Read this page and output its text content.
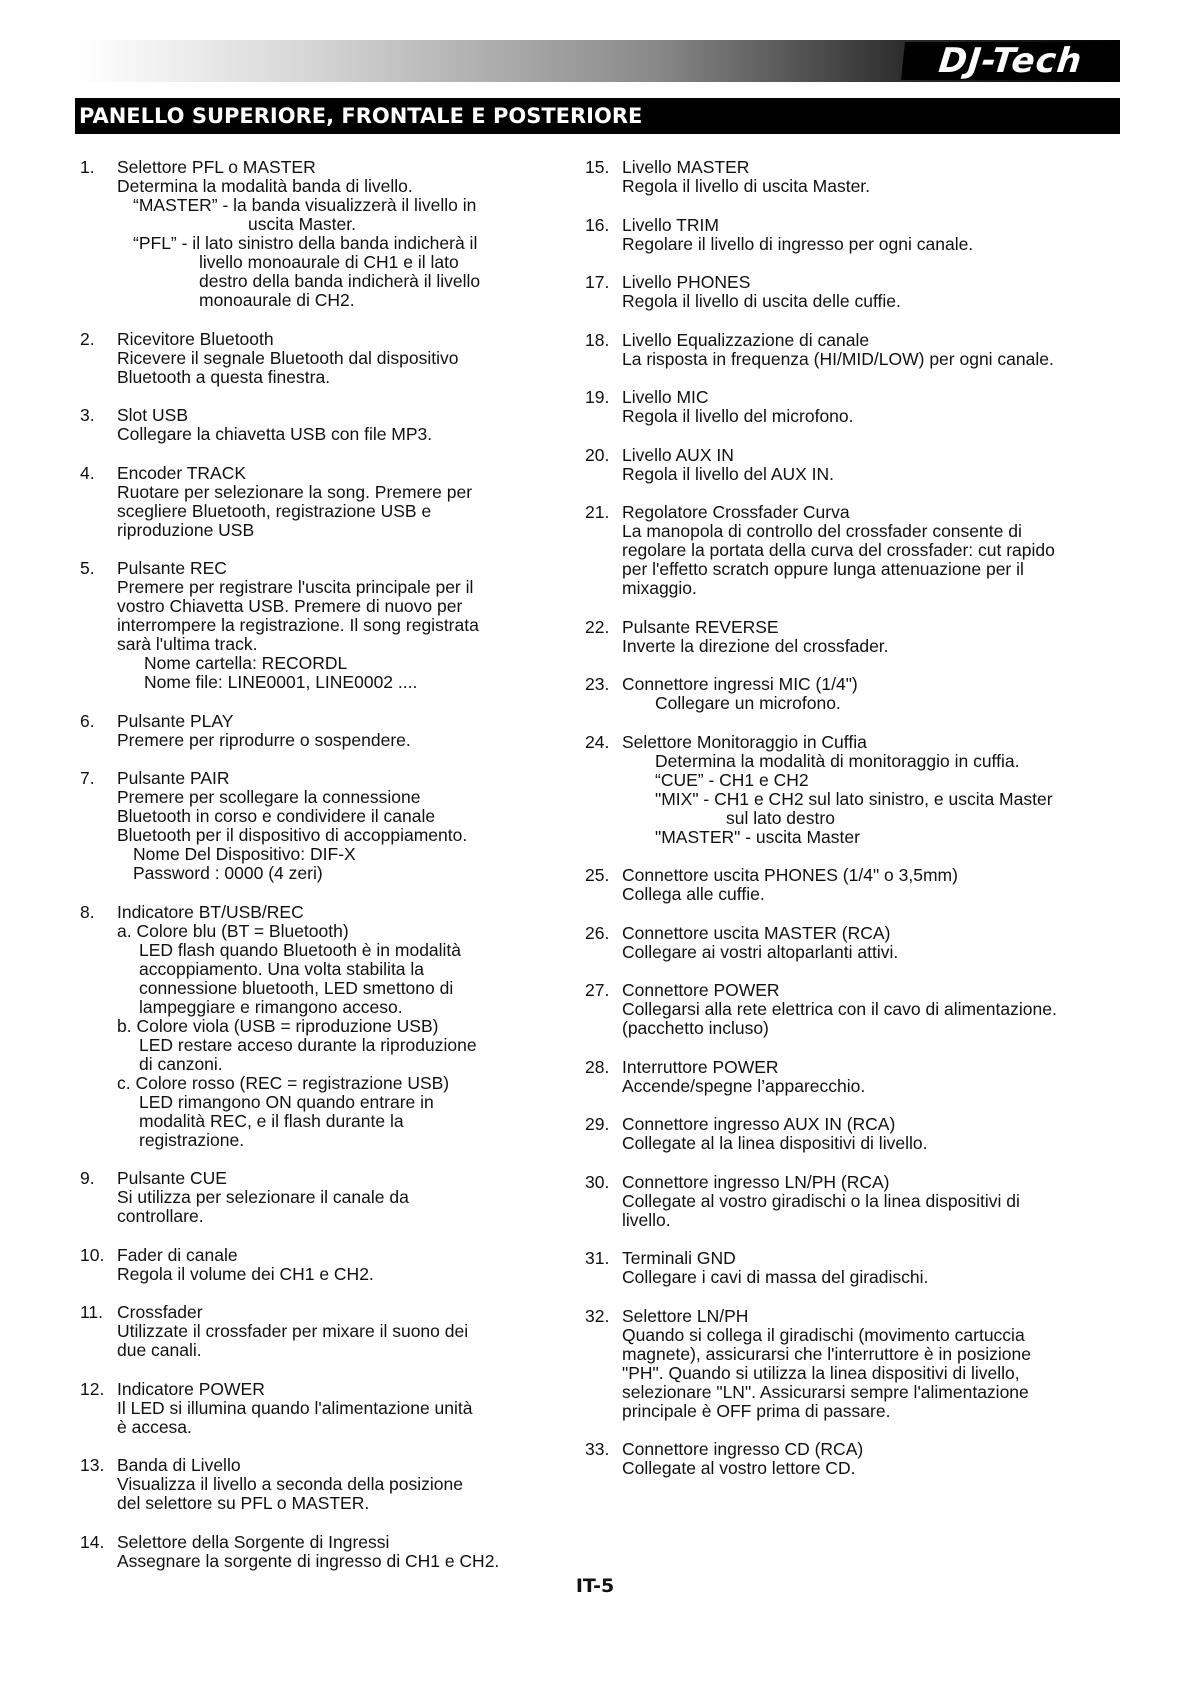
DJ-Tech
PANELLO SUPERIORE, FRONTALE E POSTERIORE
1. Selettore PFL o MASTER
Determina la modalità banda di livello.
“MASTER” - la banda visualizzerà il livello in
uscita Master.
“PFL” - il lato sinistro della banda indicherà il
livello monoaurale di CH1 e il lato
destro della banda indicherà il livello
monoaurale di CH2.
2. Ricevitore Bluetooth
Ricevere il segnale Bluetooth dal dispositivo
Bluetooth a questa finestra.
3. Slot USB
Collegare la chiavetta USB con file MP3.
4. Encoder TRACK
Ruotare per selezionare la song. Premere per
scegliere Bluetooth, registrazione USB e
riproduzione USB
5. Pulsante REC
Premere per registrare l'uscita principale per il
vostro Chiavetta USB. Premere di nuovo per
interrompere la registrazione. Il song registrata
sarà l'ultima track.
Nome cartella: RECORDL
Nome file: LINE0001, LINE0002 ....
6. Pulsante PLAY
Premere per riprodurre o sospendere.
7. Pulsante PAIR
Premere per scollegare la connessione
Bluetooth in corso e condividere il canale
Bluetooth per il dispositivo di accoppiamento.
Nome Del Dispositivo: DIF-X
Password : 0000 (4 zeri)
8. Indicatore BT/USB/REC
a. Colore blu (BT = Bluetooth)
LED flash quando Bluetooth è in modalità
accoppiamento. Una volta stabilita la
connessione bluetooth, LED smettono di
lampeggiare e rimangono acceso.
b. Colore viola (USB = riproduzione USB)
LED restare acceso durante la riproduzione
di canzoni.
c. Colore rosso (REC = registrazione USB)
LED rimangono ON quando entrare in
modalità REC, e il flash durante la
registrazione.
9. Pulsante CUE
Si utilizza per selezionare il canale da
controllare.
10. Fader di canale
Regola il volume dei CH1 e CH2.
11. Crossfader
Utilizzate il crossfader per mixare il suono dei
due canali.
12. Indicatore POWER
Il LED si illumina quando l'alimentazione unità
è accesa.
13. Banda di Livello
Visualizza il livello a seconda della posizione
del selettore su PFL o MASTER.
14. Selettore della Sorgente di Ingressi
Assegnare la sorgente di ingresso di CH1 e CH2.
15. Livello MASTER
Regola il livello di uscita Master.
16. Livello TRIM
Regolare il livello di ingresso per ogni canale.
17. Livello PHONES
Regola il livello di uscita delle cuffie.
18. Livello Equalizzazione di canale
La risposta in frequenza (HI/MID/LOW) per ogni canale.
19. Livello MIC
Regola il livello del microfono.
20. Livello AUX IN
Regola il livello del AUX IN.
21. Regolatore Crossfader Curva
La manopola di controllo del crossfader consente di
regolare la portata della curva del crossfader: cut rapido
per l'effetto scratch oppure lunga attenuazione per il
mixaggio.
22. Pulsante REVERSE
Inverte la direzione del crossfader.
23. Connettore ingressi MIC (1/4")
Collegare un microfono.
24. Selettore Monitoraggio in Cuffia
Determina la modalità di monitoraggio in cuffia.
“CUE” - CH1 e CH2
"MIX" - CH1 e CH2 sul lato sinistro, e uscita Master
sul lato destro
"MASTER" - uscita Master
25. Connettore uscita PHONES (1/4" o 3,5mm)
Collega alle cuffie.
26. Connettore uscita MASTER (RCA)
Collegare ai vostri altoparlanti attivi.
27. Connettore POWER
Collegarsi alla rete elettrica con il cavo di alimentazione.
(pacchetto incluso)
28. Interruttore POWER
Accende/spegne l’apparecchio.
29. Connettore ingresso AUX IN (RCA)
Collegate al la linea dispositivi di livello.
30. Connettore ingresso LN/PH (RCA)
Collegate al vostro giradischi o la linea dispositivi di
livello.
31. Terminali GND
Collegare i cavi di massa del giradischi.
32. Selettore LN/PH
Quando si collega il giradischi (movimento cartuccia
magnete), assicurarsi che l'interruttore è in posizione
"PH". Quando si utilizza la linea dispositivi di livello,
selezionare "LN". Assicurarsi sempre l'alimentazione
principale è OFF prima di passare.
33. Connettore ingresso CD (RCA)
Collegate al vostro lettore CD.
IT-5
